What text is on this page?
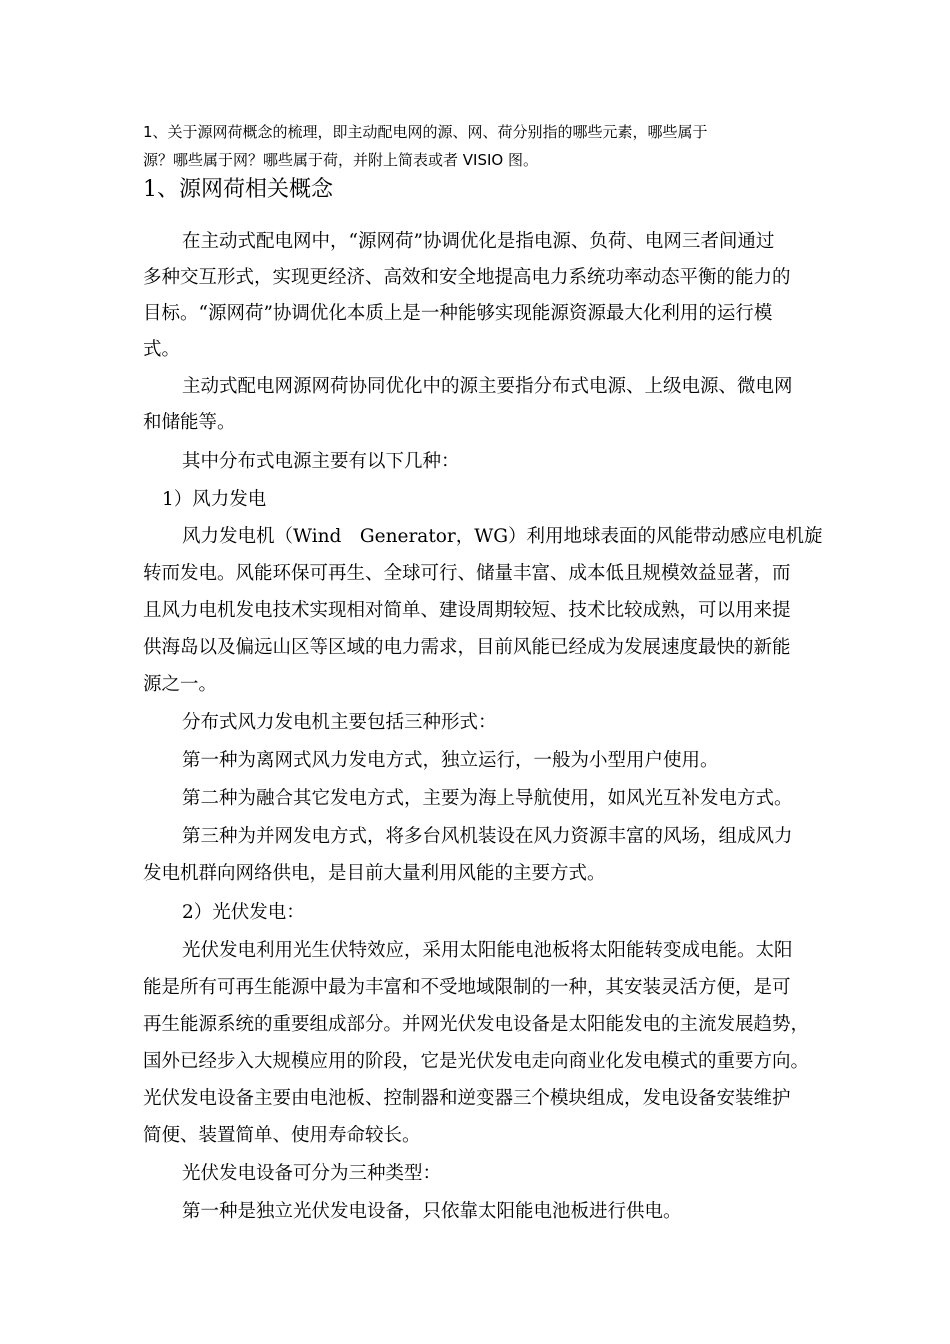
1、关于源网荷概念的梳理，即主动配电网的源、网、荷分别指的哪些元素，哪些属于
源？哪些属于网？哪些属于荷，并附上简表或者 VISIO 图。
1、源网荷相关概念
在主动式配电网中，“源网荷”协调优化是指电源、负荷、电网三者间通过
多种交互形式，实现更经济、高效和安全地提高电力系统功率动态平衡的能力的
目标。“源网荷”协调优化本质上是一种能够实现能源资源最大化利用的运行模
式。
主动式配电网源网荷协同优化中的源主要指分布式电源、上级电源、微电网
和储能等。
其中分布式电源主要有以下几种：
1）风力发电
风力发电机（Wind　Generator，WG）利用地球表面的风能带动感应电机旋
转而发电。风能环保可再生、全球可行、储量丰富、成本低且规模效益显著，而
且风力电机发电技术实现相对简单、建设周期较短、技术比较成熟，可以用来提
供海岛以及偏远山区等区域的电力需求，目前风能已经成为发展速度最快的新能
源之一。
分布式风力发电机主要包括三种形式：
第一种为离网式风力发电方式，独立运行，一般为小型用户使用。
第二种为融合其它发电方式，主要为海上导航使用，如风光互补发电方式。
第三种为并网发电方式，将多台风机装设在风力资源丰富的风场，组成风力
发电机群向网络供电，是目前大量利用风能的主要方式。
2）光伏发电：
光伏发电利用光生伏特效应，采用太阳能电池板将太阳能转变成电能。太阳
能是所有可再生能源中最为丰富和不受地域限制的一种，其安装灵活方便，是可
再生能源系统的重要组成部分。并网光伏发电设备是太阳能发电的主流发展趋势，
国外已经步入大规模应用的阶段，它是光伏发电走向商业化发电模式的重要方向。
光伏发电设备主要由电池板、控制器和逆变器三个模块组成，发电设备安装维护
简便、装置简单、使用寿命较长。
光伏发电设备可分为三种类型：
第一种是独立光伏发电设备，只依靠太阳能电池板进行供电。
